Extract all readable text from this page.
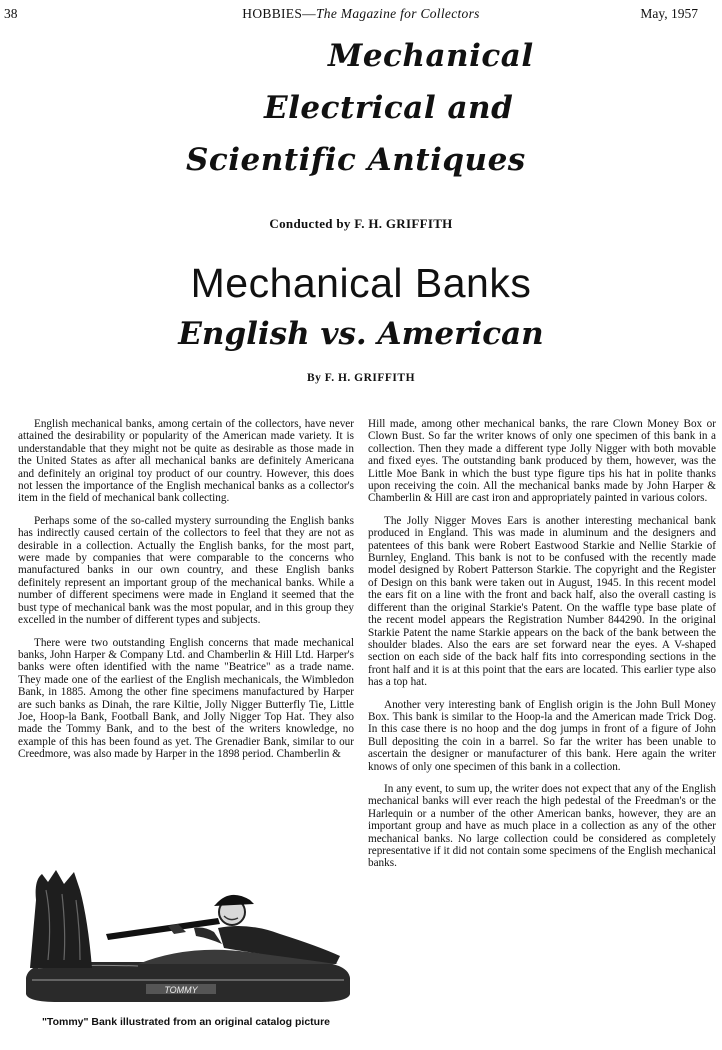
38	HOBBIES—The Magazine for Collectors	May, 1957
Mechanical
Electrical and
Scientific Antiques
Conducted by F. H. GRIFFITH
Mechanical Banks
English vs. American
By F. H. GRIFFITH

English mechanical banks, among certain of the collectors, have never attained the desirability or popularity of the American made variety. It is understandable that they might not be quite as desirable as those made in the United States as after all mechanical banks are definitely Americana and definitely an original toy product of our country. However, this does not lessen the importance of the English mechanical banks as a collector's item in the field of mechanical bank collecting.

Perhaps some of the so-called mystery surrounding the English banks has indirectly caused certain of the collectors to feel that they are not as desirable in a collection. Actually the English banks, for the most part, were made by companies that were comparable to the concerns who manufactured banks in our own country, and these English banks definitely represent an important group of the mechanical banks. While a number of different specimens were made in England it seemed that the bust type of mechanical bank was the most popular, and in this group they excelled in the number of different types and subjects.

There were two outstanding English concerns that made mechanical banks, John Harper & Company Ltd. and Chamberlin & Hill Ltd. Harper's banks were often identified with the name "Beatrice" as a trade name. They made one of the earliest of the English mechanicals, the Wimbledon Bank, in 1885. Among the other fine specimens manufactured by Harper are such banks as Dinah, the rare Kiltie, Jolly Nigger Butterfly Tie, Little Joe, Hoop-la Bank, Football Bank, and Jolly Nigger Top Hat. They also made the Tommy Bank, and to the best of the writers knowledge, no example of this has been found as yet. The Grenadier Bank, similar to our Creedmore, was also made by Harper in the 1898 period. Chamberlin &

Hill made, among other mechanical banks, the rare Clown Money Box or Clown Bust. So far the writer knows of only one specimen of this bank in a collection. Then they made a different type Jolly Nigger with both movable and fixed eyes. The outstanding bank produced by them, however, was the Little Moe Bank in which the bust type figure tips his hat in polite thanks upon receiving the coin. All the mechanical banks made by John Harper & Chamberlin & Hill are cast iron and appropriately painted in various colors.

The Jolly Nigger Moves Ears is another interesting mechanical bank produced in England. This was made in aluminum and the designers and patentees of this bank were Robert Eastwood Starkie and Nellie Starkie of Burnley, England. This bank is not to be confused with the recently made model designed by Robert Patterson Starkie. The copyright and the Register of Design on this bank were taken out in August, 1945. In this recent model the ears fit on a line with the front and back half, also the overall casting is different than the original Starkie's Patent. On the waffle type base plate of the recent model appears the Registration Number 844290. In the original Starkie Patent the name Starkie appears on the back of the bank between the shoulder blades. Also the ears are set forward near the eyes. A V-shaped section on each side of the back half fits into corresponding sections in the front half and it is at this point that the ears are located. This earlier type also has a top hat.

Another very interesting bank of English origin is the John Bull Money Box. This bank is similar to the Hoop-la and the American made Trick Dog. In this case there is no hoop and the dog jumps in front of a figure of John Bull depositing the coin in a barrel. So far the writer has been unable to ascertain the designer or manufacturer of this bank. Here again the writer knows of only one specimen of this bank in a collection.

In any event, to sum up, the writer does not expect that any of the English mechanical banks will ever reach the high pedestal of the Freedman's or the Harlequin or a number of the other American banks, however, they are an important group and have as much place in a collection as any of the other mechanical banks. No large collection could be considered as completely representative if it did not contain some specimens of the English mechanical banks.

TOMMY
"Tommy" Bank illustrated from an original catalog picture
